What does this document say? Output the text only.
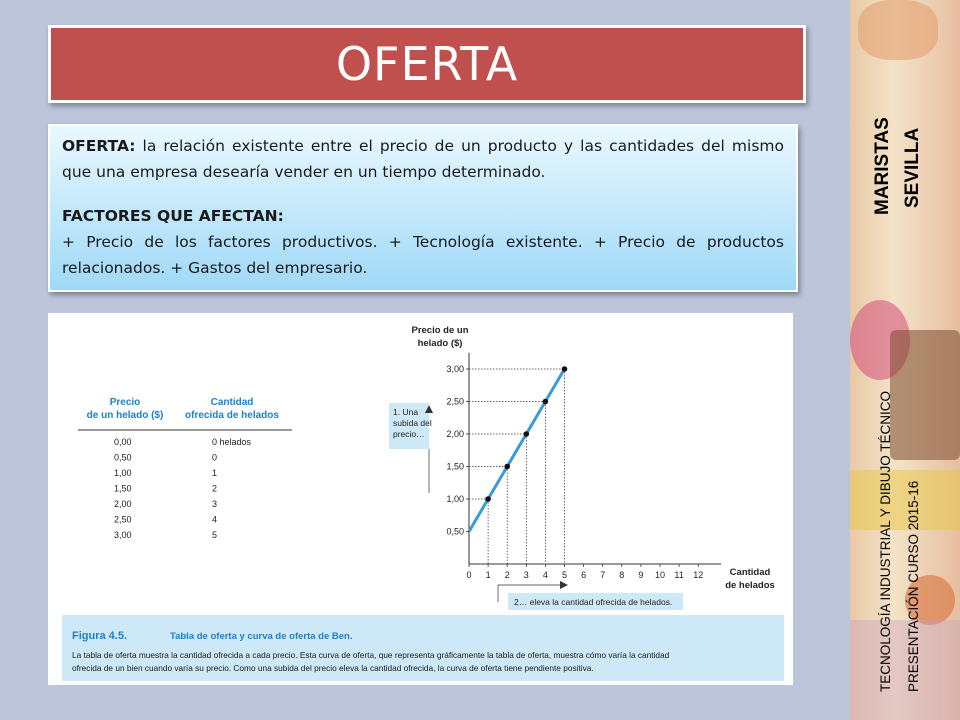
OFERTA

OFERTA: la relación existente entre el precio de un producto y las cantidades del mismo que una empresa desearía vender en un tiempo determinado.

FACTORES QUE AFECTAN:

+ Precio de los factores productivos. + Tecnología existente. + Precio de productos relacionados. + Gastos del empresario.

Precio
de un helado ($)
Cantidad
ofrecida de helados
0,00	0 helados
0,50	0
1,00	1
1,50	2
2,00	3
2,50	4
3,00	5
Precio de un
helado ($)
Cantidad
de helados
0 1 2 3 4 5 6 7 8 9 10 11 12
0,50
1,00
1,50
2,00
2,50
3,00
1. Una subida del precio…
2… eleva la cantidad ofrecida de helados.
Figura 4.5.	Tabla de oferta y curva de oferta de Ben.
La tabla de oferta muestra la cantidad ofrecida a cada precio. Esta curva de oferta, que representa gráficamente la tabla de oferta, muestra cómo varía la cantidad
ofrecida de un bien cuando varía su precio. Como una subida del precio eleva la cantidad ofrecida, la curva de oferta tiene pendiente positiva.
MARISTAS SEVILLA
TECNOLOGÍA INDUSTRIAL Y DIBUJO TÉCNICO PRESENTACIÓN CURSO 2015-16
